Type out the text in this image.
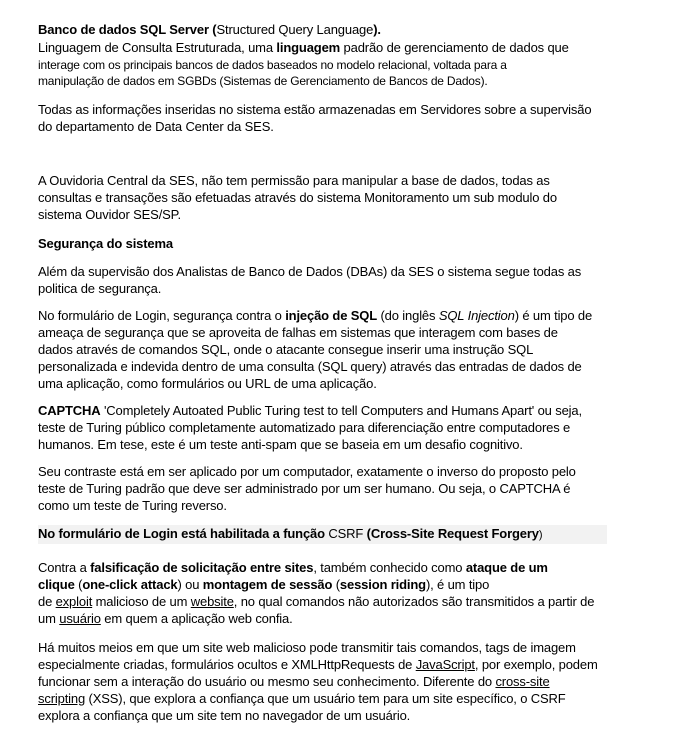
Banco de dados SQL Server (Structured Query Language).

Linguagem de Consulta Estruturada, uma linguagem padrão de gerenciamento de dados que

interage com os principais bancos de dados baseados no modelo relacional, voltada para a

manipulação de dados em SGBDs (Sistemas de Gerenciamento de Bancos de Dados).

Todas as informações inseridas no sistema estão armazenadas em Servidores sobre a supervisão

do departamento de Data Center da SES.

A Ouvidoria Central da SES, não tem permissão para manipular a base de dados, todas as

consultas e transações são efetuadas através do sistema Monitoramento um sub modulo do

sistema Ouvidor SES/SP.

Segurança do sistema

Além da supervisão dos Analistas de Banco de Dados (DBAs) da SES o sistema segue todas as

politica de segurança.

No formulário de Login, segurança contra o injeção de SQL (do inglês SQL Injection) é um tipo de

ameaça de segurança que se aproveita de falhas em sistemas que interagem com bases de

dados através de comandos SQL, onde o atacante consegue inserir uma instrução SQL

personalizada e indevida dentro de uma consulta (SQL query) através das entradas de dados de

uma aplicação, como formulários ou URL de uma aplicação.

CAPTCHA 'Completely Autoated Public Turing test to tell Computers and Humans Apart' ou seja,

teste de Turing público completamente automatizado para diferenciação entre computadores e

humanos. Em tese, este é um teste anti-spam que se baseia em um desafio cognitivo.

Seu contraste está em ser aplicado por um computador, exatamente o inverso do proposto pelo

teste de Turing padrão que deve ser administrado por um ser humano. Ou seja, o CAPTCHA é

como um teste de Turing reverso.

No formulário de Login está habilitada a função CSRF (Cross-Site Request Forgery)

Contra a falsificação de solicitação entre sites, também conhecido como ataque de um

clique (one-click attack) ou montagem de sessão (session riding), é um tipo

de exploit malicioso de um website, no qual comandos não autorizados são transmitidos a partir de

um usuário em quem a aplicação web confia.

Há muitos meios em que um site web malicioso pode transmitir tais comandos, tags de imagem

especialmente criadas, formulários ocultos e XMLHttpRequests de JavaScript, por exemplo, podem

funcionar sem a interação do usuário ou mesmo seu conhecimento. Diferente do cross-site

scripting (XSS), que explora a confiança que um usuário tem para um site específico, o CSRF

explora a confiança que um site tem no navegador de um usuário.
